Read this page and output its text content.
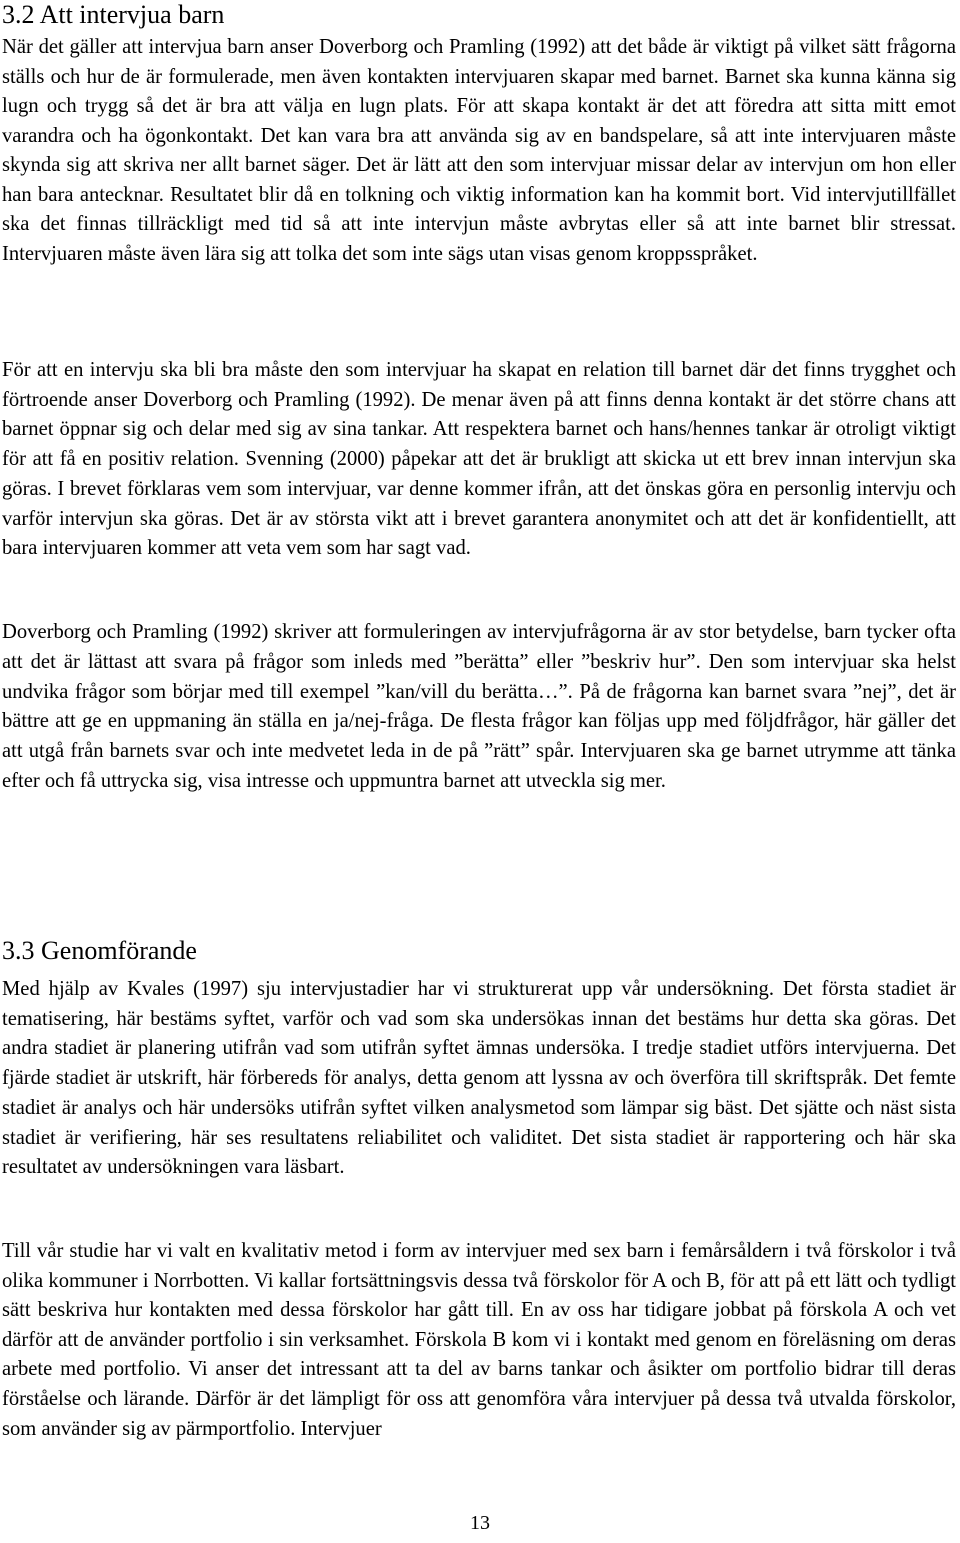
3.2 Att intervjua barn

När det gäller att intervjua barn anser Doverborg och Pramling (1992) att det både är viktigt på vilket sätt frågorna ställs och hur de är formulerade, men även kontakten intervjuaren skapar med barnet. Barnet ska kunna känna sig lugn och trygg så det är bra att välja en lugn plats. För att skapa kontakt är det att föredra att sitta mitt emot varandra och ha ögonkontakt. Det kan vara bra att använda sig av en bandspelare, så att inte intervjuaren måste skynda sig att skriva ner allt barnet säger. Det är lätt att den som intervjuar missar delar av intervjun om hon eller han bara antecknar. Resultatet blir då en tolkning och viktig information kan ha kommit bort. Vid intervjutillfället ska det finnas tillräckligt med tid så att inte intervjun måste avbrytas eller så att inte barnet blir stressat. Intervjuaren måste även lära sig att tolka det som inte sägs utan visas genom kroppsspråket.

För att en intervju ska bli bra måste den som intervjuar ha skapat en relation till barnet där det finns trygghet och förtroende anser Doverborg och Pramling (1992). De menar även på att finns denna kontakt är det större chans att barnet öppnar sig och delar med sig av sina tankar. Att respektera barnet och hans/hennes tankar är otroligt viktigt för att få en positiv relation. Svenning (2000) påpekar att det är brukligt att skicka ut ett brev innan intervjun ska göras. I brevet förklaras vem som intervjuar, var denne kommer ifrån, att det önskas göra en personlig intervju och varför intervjun ska göras. Det är av största vikt att i brevet garantera anonymitet och att det är konfidentiellt, att bara intervjuaren kommer att veta vem som har sagt vad.

Doverborg och Pramling (1992) skriver att formuleringen av intervjufrågorna är av stor betydelse, barn tycker ofta att det är lättast att svara på frågor som inleds med ”berätta” eller ”beskriv hur”. Den som intervjuar ska helst undvika frågor som börjar med till exempel ”kan/vill du berätta…”. På de frågorna kan barnet svara ”nej”, det är bättre att ge en uppmaning än ställa en ja/nej-fråga. De flesta frågor kan följas upp med följdfrågor, här gäller det att utgå från barnets svar och inte medvetet leda in de på ”rätt” spår. Intervjuaren ska ge barnet utrymme att tänka efter och få uttrycka sig, visa intresse och uppmuntra barnet att utveckla sig mer.

3.3 Genomförande

Med hjälp av Kvales (1997) sju intervjustadier har vi strukturerat upp vår undersökning. Det första stadiet är tematisering, här bestäms syftet, varför och vad som ska undersökas innan det bestäms hur detta ska göras. Det andra stadiet är planering utifrån vad som utifrån syftet ämnas undersöka. I tredje stadiet utförs intervjuerna. Det fjärde stadiet är utskrift, här förbereds för analys, detta genom att lyssna av och överföra till skriftspråk. Det femte stadiet är analys och här undersöks utifrån syftet vilken analysmetod som lämpar sig bäst. Det sjätte och näst sista stadiet är verifiering, här ses resultatens reliabilitet och validitet. Det sista stadiet är rapportering och här ska resultatet av undersökningen vara läsbart.

Till vår studie har vi valt en kvalitativ metod i form av intervjuer med sex barn i femårsåldern i två förskolor i två olika kommuner i Norrbotten. Vi kallar fortsättningsvis dessa två förskolor för A och B, för att på ett lätt och tydligt sätt beskriva hur kontakten med dessa förskolor har gått till. En av oss har tidigare jobbat på förskola A och vet därför att de använder portfolio i sin verksamhet. Förskola B kom vi i kontakt med genom en föreläsning om deras arbete med portfolio. Vi anser det intressant att ta del av barns tankar och åsikter om portfolio bidrar till deras förståelse och lärande. Därför är det lämpligt för oss att genomföra våra intervjuer på dessa två utvalda förskolor, som använder sig av pärmportfolio. Intervjuer

13
